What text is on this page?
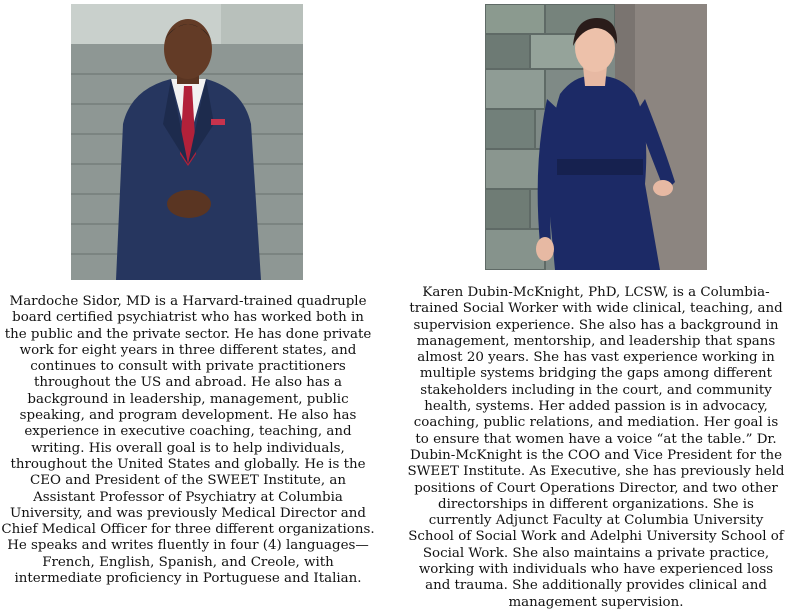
Mardoche Sidor, MD is a Harvard-trained quadruple board certified psychiatrist who has worked both in the public and the private sector. He has done private work for eight years in three different states, and continues to consult with private practitioners throughout the US and abroad. He also has a background in leadership, management, public speaking, and program development. He also has experience in executive coaching, teaching, and writing. His overall goal is to help individuals, throughout the United States and globally. He is the CEO and President of the SWEET Institute, an Assistant Professor of Psychiatry at Columbia University, and was previously Medical Director and Chief Medical Officer for three different organizations. He speaks and writes fluently in four (4) languages—French, English, Spanish, and Creole, with intermediate proficiency in Portuguese and Italian.
Karen Dubin-McKnight, PhD, LCSW, is a Columbia-trained Social Worker with wide clinical, teaching, and supervision experience. She also has a background in management, mentorship, and leadership that spans almost 20 years. She has vast experience working in multiple systems bridging the gaps among different stakeholders including in the court, and community health, systems. Her added passion is in advocacy, coaching, public relations, and mediation. Her goal is to ensure that women have a voice “at the table.” Dr. Dubin-McKnight is the COO and Vice President for the SWEET Institute. As Executive, she has previously held positions of Court Operations Director, and two other directorships in different organizations. She is currently Adjunct Faculty at Columbia University School of Social Work and Adelphi University School of Social Work. She also maintains a private practice, working with individuals who have experienced loss and trauma. She additionally provides clinical and management supervision.
